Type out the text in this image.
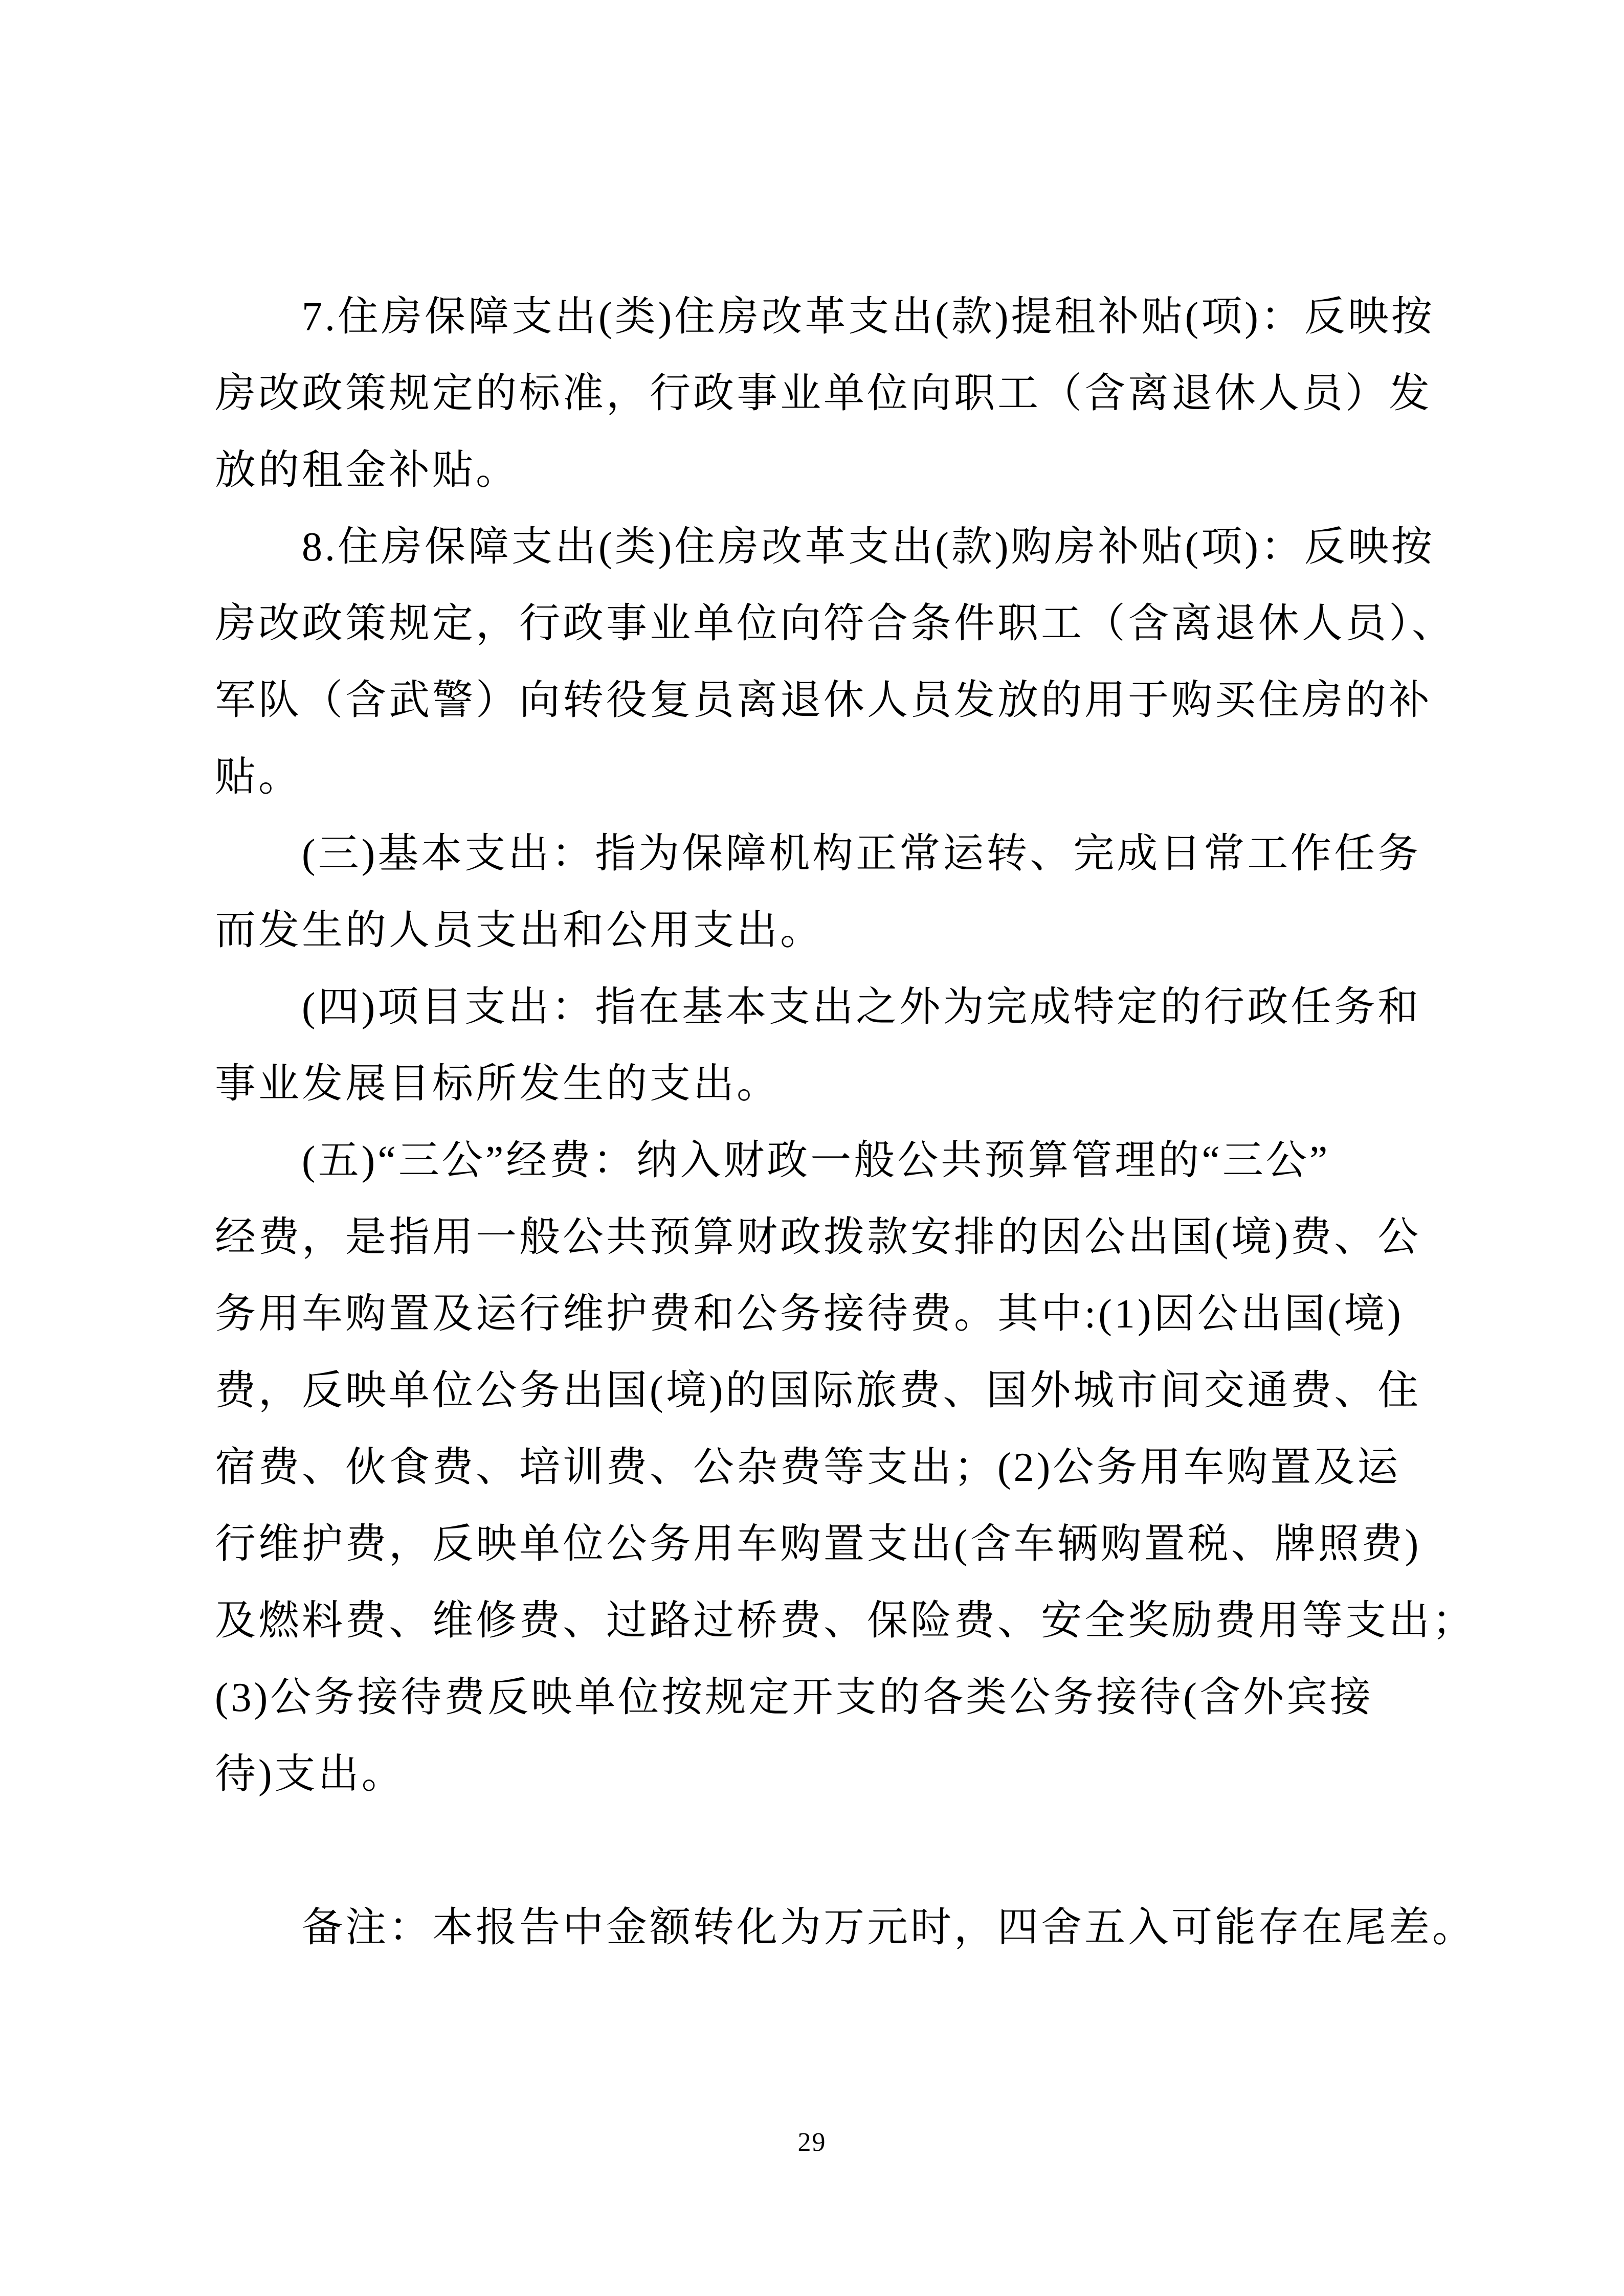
7.住房保障支出(类)住房改革支出(款)提租补贴(项)：反映按
房改政策规定的标准，行政事业单位向职工（含离退休人员）发
放的租金补贴。
8.住房保障支出(类)住房改革支出(款)购房补贴(项)：反映按
房改政策规定，行政事业单位向符合条件职工（含离退休人员）、
军队（含武警）向转役复员离退休人员发放的用于购买住房的补
贴。
(三)基本支出：指为保障机构正常运转、完成日常工作任务
而发生的人员支出和公用支出。
(四)项目支出：指在基本支出之外为完成特定的行政任务和
事业发展目标所发生的支出。
(五)“三公”经费：纳入财政一般公共预算管理的“三公”
经费，是指用一般公共预算财政拨款安排的因公出国(境)费、公
务用车购置及运行维护费和公务接待费。其中:(1)因公出国(境)
费，反映单位公务出国(境)的国际旅费、国外城市间交通费、住
宿费、伙食费、培训费、公杂费等支出；(2)公务用车购置及运
行维护费，反映单位公务用车购置支出(含车辆购置税、牌照费)
及燃料费、维修费、过路过桥费、保险费、安全奖励费用等支出；
(3)公务接待费反映单位按规定开支的各类公务接待(含外宾接
待)支出。
备注：本报告中金额转化为万元时，四舍五入可能存在尾差。
29
